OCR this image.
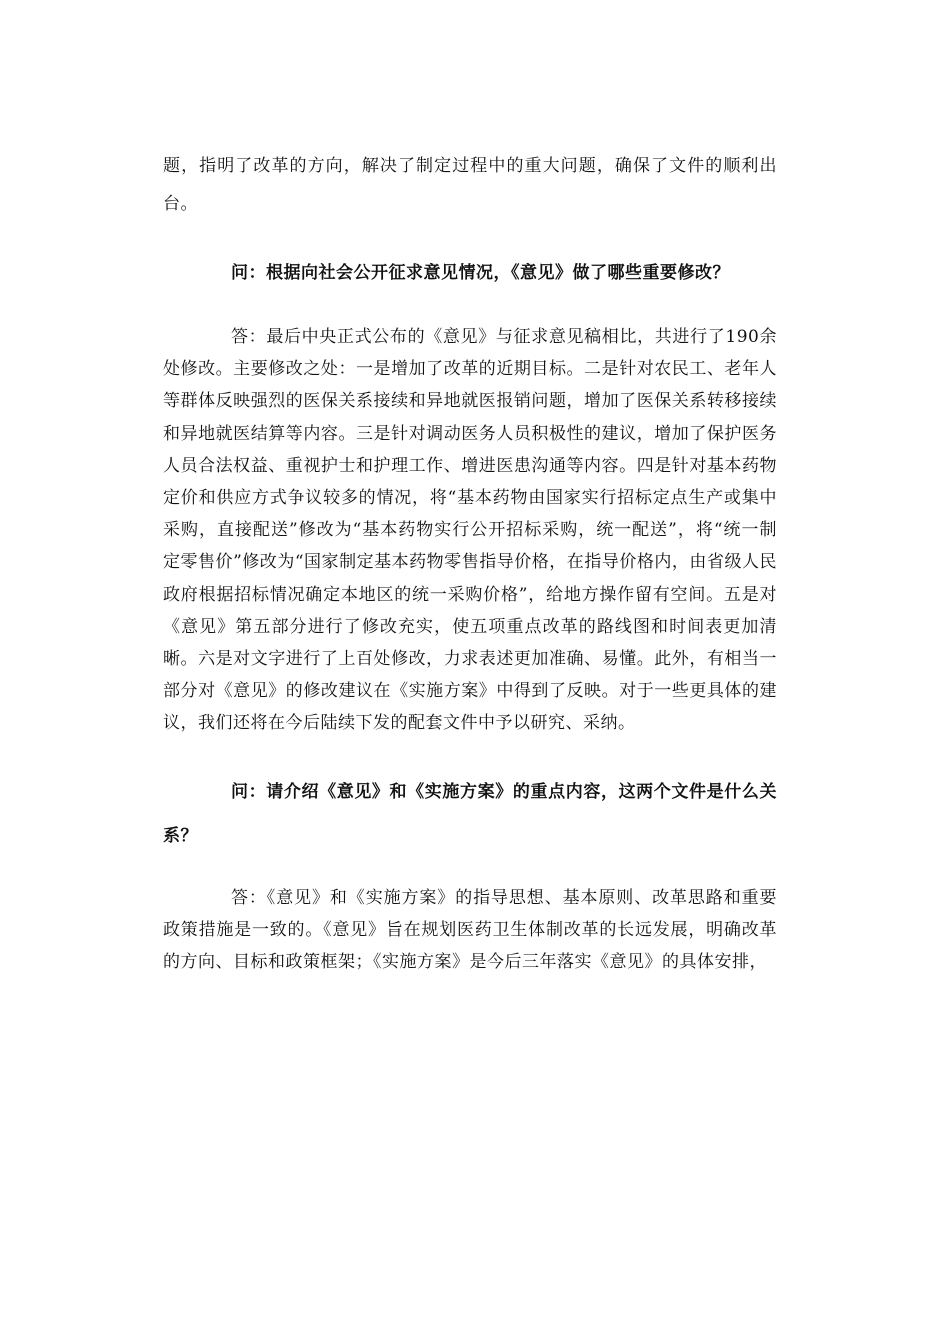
题，指明了改革的方向，解决了制定过程中的重大问题，确保了文件的顺利出台。

问：根据向社会公开征求意见情况，《意见》做了哪些重要修改？

答：最后中央正式公布的《意见》与征求意见稿相比，共进行了190余处修改。主要修改之处：一是增加了改革的近期目标。二是针对农民工、老年人等群体反映强烈的医保关系接续和异地就医报销问题，增加了医保关系转移接续和异地就医结算等内容。三是针对调动医务人员积极性的建议，增加了保护医务人员合法权益、重视护士和护理工作、增进医患沟通等内容。四是针对基本药物定价和供应方式争议较多的情况，将“基本药物由国家实行招标定点生产或集中采购，直接配送”修改为“基本药物实行公开招标采购，统一配送”，将“统一制定零售价”修改为“国家制定基本药物零售指导价格，在指导价格内，由省级人民政府根据招标情况确定本地区的统一采购价格”，给地方操作留有空间。五是对《意见》第五部分进行了修改充实，使五项重点改革的路线图和时间表更加清晰。六是对文字进行了上百处修改，力求表述更加准确、易懂。此外，有相当一部分对《意见》的修改建议在《实施方案》中得到了反映。对于一些更具体的建议，我们还将在今后陆续下发的配套文件中予以研究、采纳。

问：请介绍《意见》和《实施方案》的重点内容，这两个文件是什么关系？

答：《意见》和《实施方案》的指导思想、基本原则、改革思路和重要政策措施是一致的。《意见》旨在规划医药卫生体制改革的长远发展，明确改革的方向、目标和政策框架；《实施方案》是今后三年落实《意见》的具体安排，
